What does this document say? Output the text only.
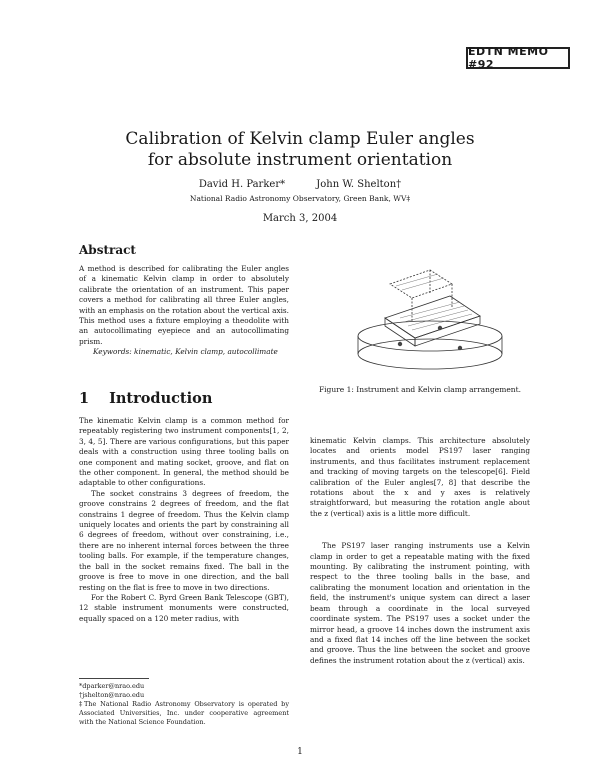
EDTN MEMO #92
Calibration of Kelvin clamp Euler angles
for absolute instrument orientation
David H. Parker*	John W. Shelton†
National Radio Astronomy Observatory, Green Bank, WV‡
March 3, 2004
Abstract
A method is described for calibrating the Euler angles of a kinematic Kelvin clamp in order to absolutely calibrate the orientation of an instrument. This paper covers a method for calibrating all three Euler angles, with an emphasis on the rotation about the vertical axis. This method uses a fixture employing a theodolite with an autocollimating eyepiece and an autocollimating prism.
Keywords: kinematic, Kelvin clamp, autocollimate
Figure 1: Instrument and Kelvin clamp arrangement.
1 Introduction

The kinematic Kelvin clamp is a common method for repeatably registering two instrument components[1, 2, 3, 4, 5]. There are various configurations, but this paper deals with a construction using three tooling balls on one component and mating socket, groove, and flat on the other component. In general, the method should be adaptable to other configurations.

The socket constrains 3 degrees of freedom, the groove constrains 2 degrees of freedom, and the flat constrains 1 degree of freedom. Thus the Kelvin clamp uniquely locates and orients the part by constraining all 6 degrees of freedom, without over constraining, i.e., there are no inherent internal forces between the three tooling balls. For example, if the temperature changes, the ball in the socket remains fixed. The ball in the groove is free to move in one direction, and the ball resting on the flat is free to move in two directions.

For the Robert C. Byrd Green Bank Telescope (GBT), 12 stable instrument monuments were constructed, equally spaced on a 120 meter radius, with

*dparker@nrao.edu
†jshelton@nrao.edu
‡The National Radio Astronomy Observatory is operated by Associated Universities, Inc. under cooperative agreement with the National Science Foundation.

kinematic Kelvin clamps. This architecture absolutely locates and orients model PS197 laser ranging instruments, and thus facilitates instrument replacement and tracking of moving targets on the telescope[6]. Field calibration of the Euler angles[7, 8] that describe the rotations about the x and y axes is relatively straightforward, but measuring the rotation angle about the z (vertical) axis is a little more difficult.

The PS197 laser ranging instruments use a Kelvin clamp in order to get a repeatable mating with the fixed mounting. By calibrating the instrument pointing, with respect to the three tooling balls in the base, and calibrating the monument location and orientation in the field, the instrument's unique system can direct a laser beam through a coordinate in the local surveyed coordinate system. The PS197 uses a socket under the mirror head, a groove 14 inches down the instrument axis and a fixed flat 14 inches off the line between the socket and groove. Thus the line between the socket and groove defines the instrument rotation about the z (vertical) axis.

1
